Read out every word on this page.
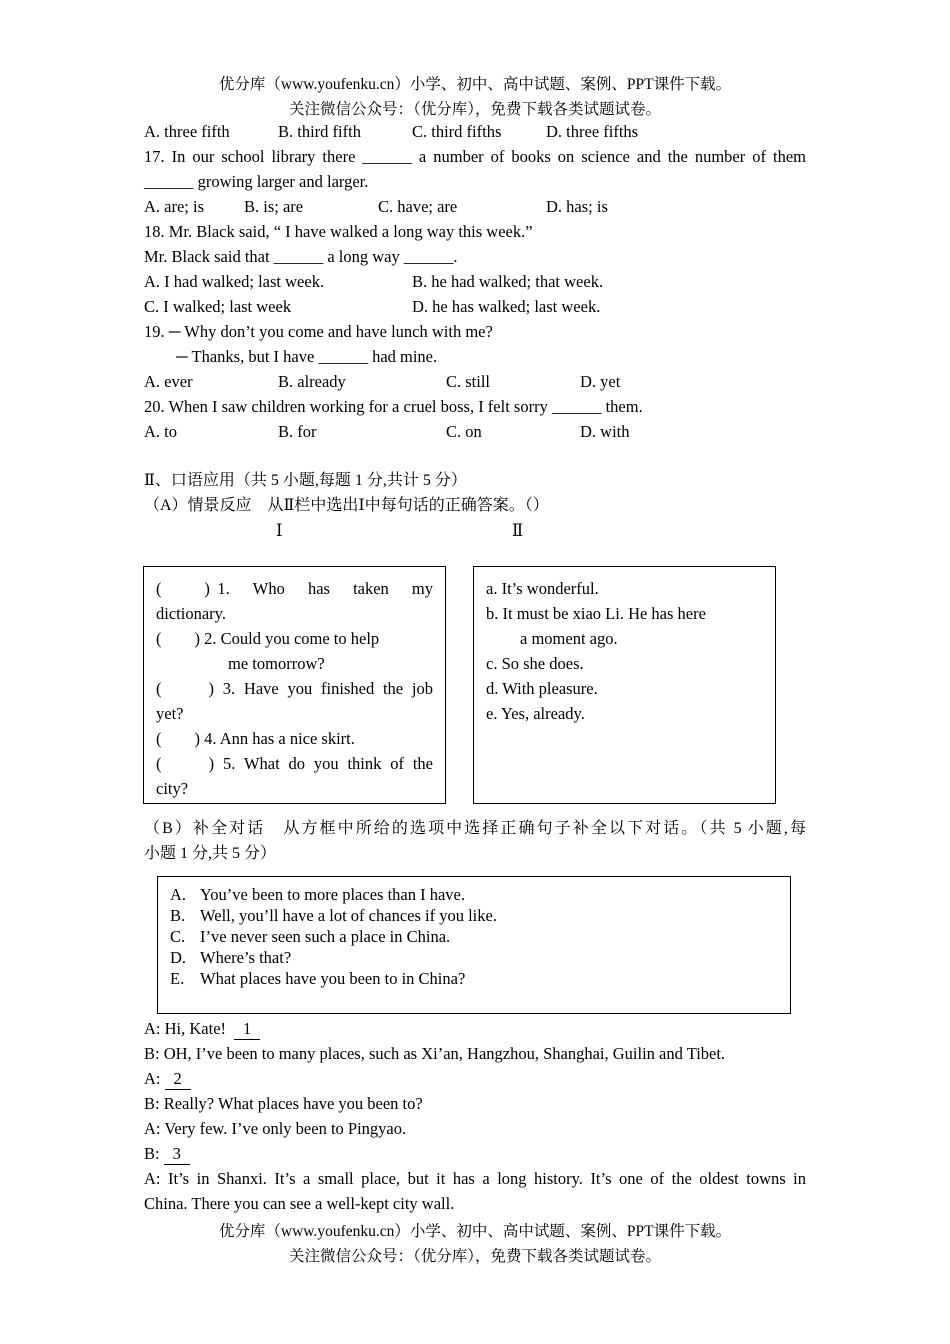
优分库（www.youfenku.cn）小学、初中、高中试题、案例、PPT课件下载。
关注微信公众号：（优分库），免费下载各类试题试卷。
A. three fifth	B. third fifth	C. third fifths	D. three fifths
17. In our school library there ______ a number of books on science and the number of them
______ growing larger and larger.
A. are; is B. is; are	C. have; are	D. has; is
18. Mr. Black said, “ I have walked a long way this week.”
Mr. Black said that ______ a long way ______.
A. I had walked; last week.	B. he had walked; that week.
C. I walked; last week	D. he has walked; last week.
19. ─ Why don’t you come and have lunch with me?
─ Thanks, but I have ______ had mine.
A. ever	B. already	C. still	D. yet
20. When I saw children working for a cruel boss, I felt sorry ______ them.
A. to	B. for	C. on	D. with
Ⅱ、口语应用（共 5 小题,每题 1 分,共计 5 分）
（A）情景反应　从Ⅱ栏中选出Ⅰ中每句话的正确答案。（）
Ⅰ	Ⅱ
(　　) 1.　Who　has　taken　my
dictionary.
(　　) 2. Could you come to help
me tomorrow?
(　　) 3. Have you finished the job
yet?
(　　) 4. Ann has a nice skirt.
(　　) 5. What do you think of the
city?
a. It’s wonderful.
b. It must be xiao Li. He has here
a moment ago.
c. So she does.
d. With pleasure.
e. Yes, already.
（B）补全对话　从方框中所给的选项中选择正确句子补全以下对话。（共 5 小题,每
小题 1 分,共 5 分）
A. You’ve been to more places than I have.
B. Well, you’ll have a lot of chances if you like.
C. I’ve never seen such a place in China.
D. Where’s that?
E. What places have you been to in China?
A: Hi, Kate! 1
B: OH, I’ve been to many places, such as Xi’an, Hangzhou, Shanghai, Guilin and Tibet.
A: 2
B: Really? What places have you been to?
A: Very few. I’ve only been to Pingyao.
B: 3
A: It’s in Shanxi. It’s a small place, but it has a long history. It’s one of the oldest towns in
China. There you can see a well-kept city wall.
优分库（www.youfenku.cn）小学、初中、高中试题、案例、PPT课件下载。
关注微信公众号：（优分库），免费下载各类试题试卷。
